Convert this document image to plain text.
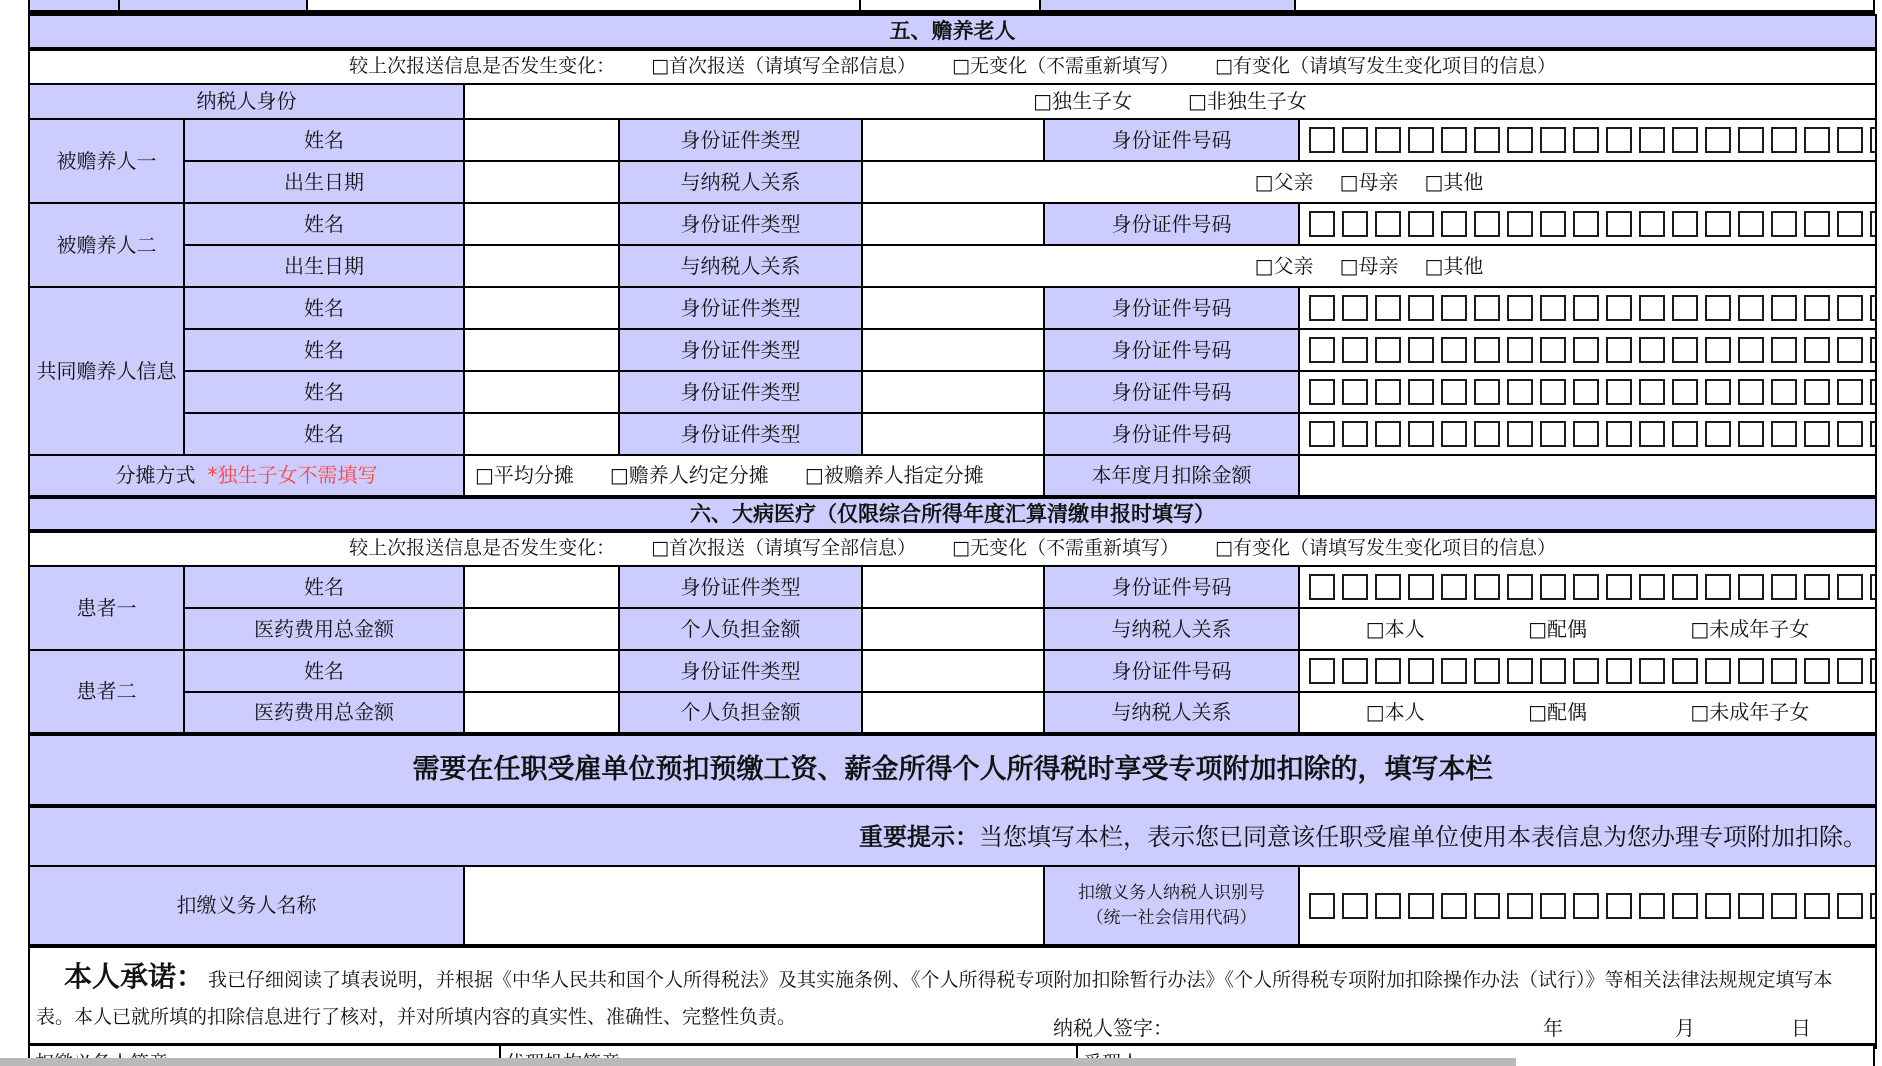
五、赡养老人						

较上次报送信息是否发生变化： □首次报送（请填写全部信息） □无变化（不需重新填写） □有变化（请填写发生变化项目的信息）						

纳税人身份		□独生子女 □非独生子女				

被赡养人一	姓名		身份证件类型		身份证件号码	

	出生日期		与纳税人关系	□父亲 □母亲 □其他		

被赡养人二	姓名		身份证件类型		身份证件号码	

	出生日期		与纳税人关系	□父亲 □母亲 □其他		

共同赡养人信息	姓名		身份证件类型		身份证件号码	

	姓名		身份证件类型		身份证件号码	

	姓名		身份证件类型		身份证件号码	

	姓名		身份证件类型		身份证件号码	

分摊方式 *独生子女不需填写		□平均分摊 □赡养人约定分摊 □被赡养人指定分摊			本年度月扣除金额	
六、大病医疗（仅限综合所得年度汇算清缴申报时填写）						

较上次报送信息是否发生变化： □首次报送（请填写全部信息） □无变化（不需重新填写） □有变化（请填写发生变化项目的信息）						

患者一	姓名		身份证件类型		身份证件号码	

	医药费用总金额		个人负担金额		与纳税人关系	□本人 □配偶 □未成年子女

患者二	姓名		身份证件类型		身份证件号码	

	医药费用总金额		个人负担金额		与纳税人关系	□本人 □配偶 □未成年子女

需要在任职受雇单位预扣预缴工资、薪金所得个人所得税时享受专项附加扣除的，填写本栏						
重要提示：当您填写本栏，表示您已同意该任职受雇单位使用本表信息为您办理专项附加扣除。						
扣缴义务人名称					扣缴义务人纳税人识别号
（统一社会信用代码）	

本人承诺： 我已仔细阅读了填表说明，并根据《中华人民共和国个人所得税法》及其实施条例、《个人所得税专项附加扣除暂行办法》《个人所得税专项附加扣除操作办法（试行）》等相关法律法规规定填写本表。本人已就所填的扣除信息进行了核对，并对所填内容的真实性、准确性、完整性负责。 纳税人签字： 年 月 日						
